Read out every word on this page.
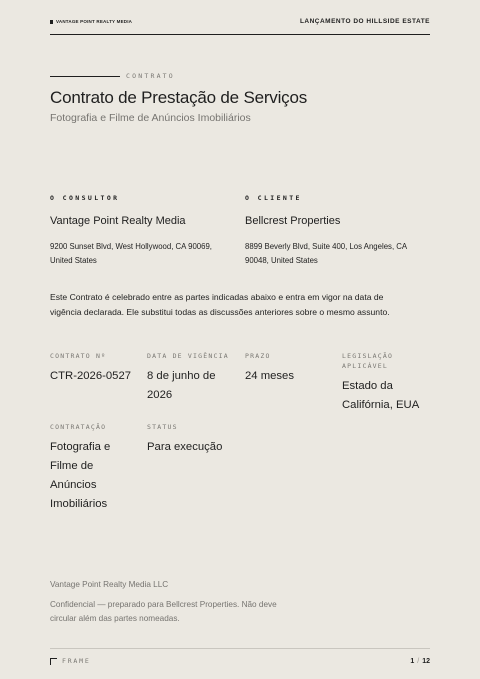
VANTAGE POINT REALTY MEDIA	LANÇAMENTO DO HILLSIDE ESTATE
CONTRATO
Contrato de Prestação de Serviços
Fotografia e Filme de Anúncios Imobiliários
O CONSULTOR
Vantage Point Realty Media
9200 Sunset Blvd, West Hollywood, CA 90069, United States
O CLIENTE
Bellcrest Properties
8899 Beverly Blvd, Suite 400, Los Angeles, CA 90048, United States

Este Contrato é celebrado entre as partes indicadas abaixo e entra em vigor na data de vigência declarada. Ele substitui todas as discussões anteriores sobre o mesmo assunto.

CONTRATO Nº
CTR-2026-0527
DATA DE VIGÊNCIA
8 de junho de 2026
PRAZO
24 meses
LEGISLAÇÃO APLICÁVEL
Estado da Califórnia, EUA
CONTRATAÇÃO
Fotografia e Filme de Anúncios Imobiliários
STATUS
Para execução
Vantage Point Realty Media LLC
Confidencial — preparado para Bellcrest Properties. Não deve circular além das partes nomeadas.
FRAME	1 / 12
